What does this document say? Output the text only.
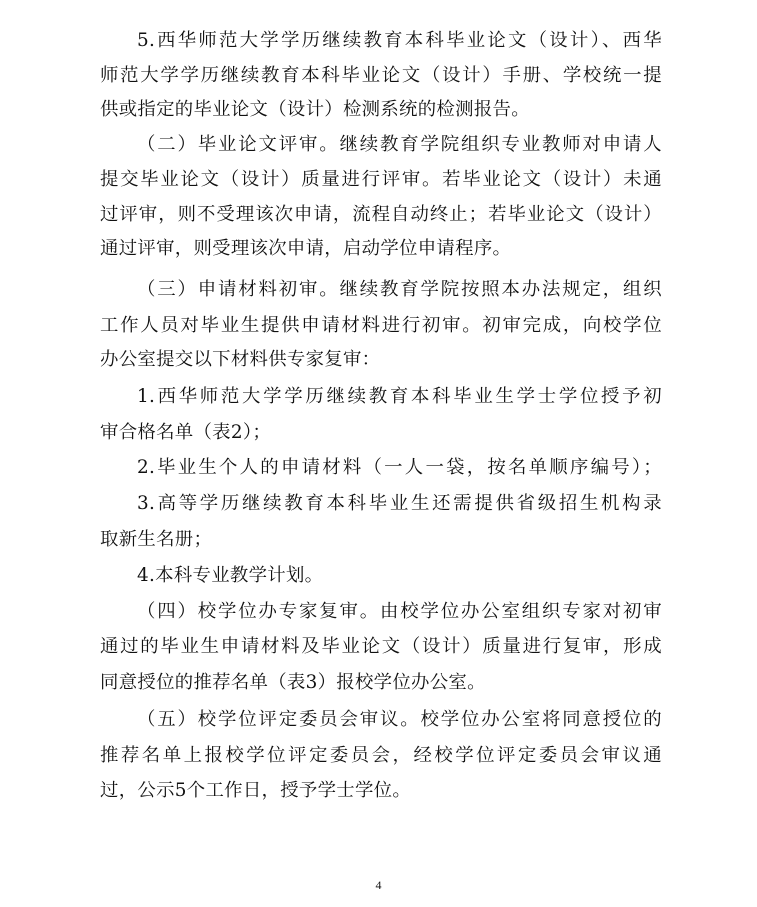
5.西华师范大学学历继续教育本科毕业论文（设计）、西华
师范大学学历继续教育本科毕业论文（设计）手册、学校统一提
供或指定的毕业论文（设计）检测系统的检测报告。
（二）毕业论文评审。继续教育学院组织专业教师对申请人
提交毕业论文（设计）质量进行评审。若毕业论文（设计）未通
过评审，则不受理该次申请，流程自动终止；若毕业论文（设计）
通过评审，则受理该次申请，启动学位申请程序。
（三）申请材料初审。继续教育学院按照本办法规定，组织
工作人员对毕业生提供申请材料进行初审。初审完成，向校学位
办公室提交以下材料供专家复审：
1.西华师范大学学历继续教育本科毕业生学士学位授予初
审合格名单（表2）；
2.毕业生个人的申请材料（一人一袋，按名单顺序编号）；
3.高等学历继续教育本科毕业生还需提供省级招生机构录
取新生名册；
4.本科专业教学计划。
（四）校学位办专家复审。由校学位办公室组织专家对初审
通过的毕业生申请材料及毕业论文（设计）质量进行复审，形成
同意授位的推荐名单（表3）报校学位办公室。
（五）校学位评定委员会审议。校学位办公室将同意授位的
推荐名单上报校学位评定委员会，经校学位评定委员会审议通
过，公示5个工作日，授予学士学位。
4
